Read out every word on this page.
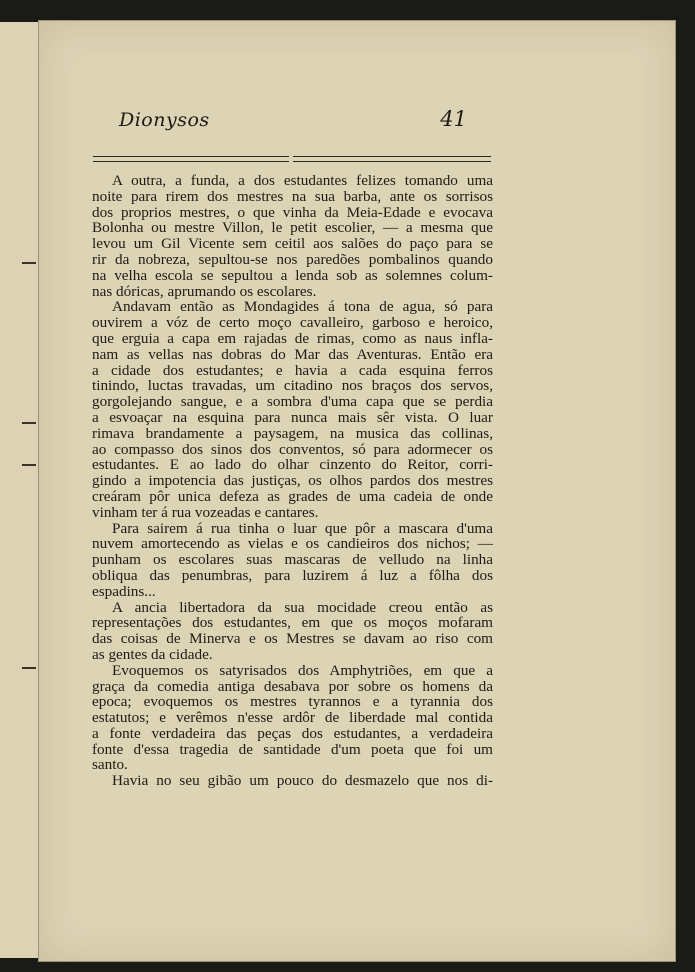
Dionysos	41
A outra, a funda, a dos estudantes felizes tomando uma
noite para rirem dos mestres na sua barba, ante os sorrisos
dos proprios mestres, o que vinha da Meia-Edade e evocava
Bolonha ou mestre Villon, le petit escolier, — a mesma que
levou um Gil Vicente sem ceitil aos salões do paço para se
rir da nobreza, sepultou-se nos paredões pombalinos quando
na velha escola se sepultou a lenda sob as solemnes colum-
nas dóricas, aprumando os escolares.
Andavam então as Mondagides á tona de agua, só para
ouvirem a vóz de certo moço cavalleiro, garboso e heroico,
que erguia a capa em rajadas de rimas, como as naus infla-
nam as vellas nas dobras do Mar das Aventuras. Então era
a cidade dos estudantes; e havia a cada esquina ferros
tinindo, luctas travadas, um citadino nos braços dos servos,
gorgolejando sangue, e a sombra d'uma capa que se perdia
a esvoaçar na esquina para nunca mais sêr vista. O luar
rimava brandamente a paysagem, na musica das collinas,
ao compasso dos sinos dos conventos, só para adormecer os
estudantes. E ao lado do olhar cinzento do Reitor, corri-
gindo a impotencia das justiças, os olhos pardos dos mestres
creáram pôr unica defeza as grades de uma cadeia de onde
vinham ter á rua vozeadas e cantares.
Para sairem á rua tinha o luar que pôr a mascara d'uma
nuvem amortecendo as vielas e os candieiros dos nichos; —
punham os escolares suas mascaras de velludo na linha
obliqua das penumbras, para luzirem á luz a fôlha dos
espadins...
A ancia libertadora da sua mocidade creou então as
representações dos estudantes, em que os moços mofaram
das coisas de Minerva e os Mestres se davam ao riso com
as gentes da cidade.
Evoquemos os satyrisados dos Amphytriões, em que a
graça da comedia antiga desabava por sobre os homens da
epoca; evoquemos os mestres tyrannos e a tyrannia dos
estatutos; e verêmos n'esse ardôr de liberdade mal contida
a fonte verdadeira das peças dos estudantes, a verdadeira
fonte d'essa tragedia de santidade d'um poeta que foi um
santo.
Havia no seu gibão um pouco do desmazelo que nos di-
